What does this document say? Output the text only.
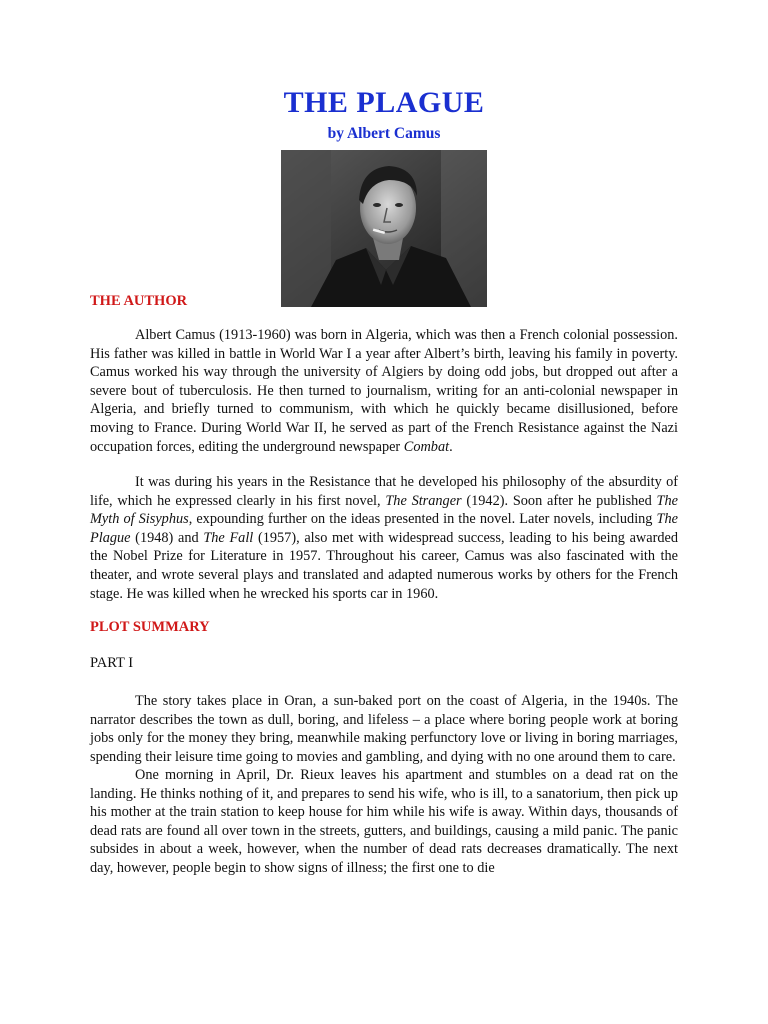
THE PLAGUE
by Albert Camus
THE AUTHOR
Albert Camus (1913-1960) was born in Algeria, which was then a French colonial possession. His father was killed in battle in World War I a year after Albert’s birth, leaving his family in poverty. Camus worked his way through the university of Algiers by doing odd jobs, but dropped out after a severe bout of tuberculosis. He then turned to journalism, writing for an anti-colonial newspaper in Algeria, and briefly turned to communism, with which he quickly became disillusioned, before moving to France. During World War II, he served as part of the French Resistance against the Nazi occupation forces, editing the underground newspaper Combat.
It was during his years in the Resistance that he developed his philosophy of the absurdity of life, which he expressed clearly in his first novel, The Stranger (1942). Soon after he published The Myth of Sisyphus, expounding further on the ideas presented in the novel. Later novels, including The Plague (1948) and The Fall (1957), also met with widespread success, leading to his being awarded the Nobel Prize for Literature in 1957. Throughout his career, Camus was also fascinated with the theater, and wrote several plays and translated and adapted numerous works by others for the French stage. He was killed when he wrecked his sports car in 1960.
PLOT SUMMARY
PART I
The story takes place in Oran, a sun-baked port on the coast of Algeria, in the 1940s. The narrator describes the town as dull, boring, and lifeless – a place where boring people work at boring jobs only for the money they bring, meanwhile making perfunctory love or living in boring marriages, spending their leisure time going to movies and gambling, and dying with no one around them to care.
One morning in April, Dr. Rieux leaves his apartment and stumbles on a dead rat on the landing. He thinks nothing of it, and prepares to send his wife, who is ill, to a sanatorium, then pick up his mother at the train station to keep house for him while his wife is away. Within days, thousands of dead rats are found all over town in the streets, gutters, and buildings, causing a mild panic. The panic subsides in about a week, however, when the number of dead rats decreases dramatically. The next day, however, people begin to show signs of illness; the first one to die
